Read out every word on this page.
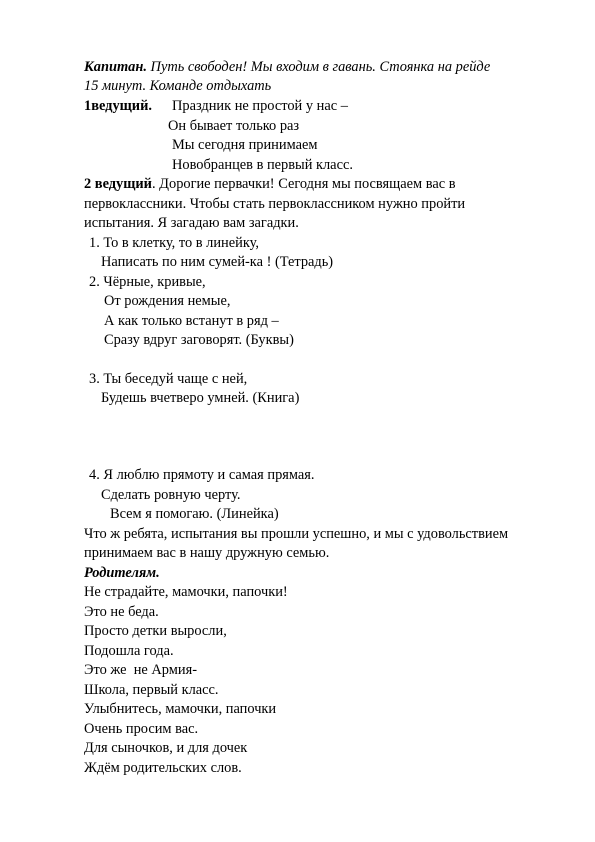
Капитан. Путь свободен! Мы входим в гавань. Стоянка на рейде
15 минут. Команде отдыхать
1ведущий. Праздник не простой у нас –
Он бывает только раз
Мы сегодня принимаем
Новобранцев в первый класс.
2 ведущий. Дорогие первачки! Сегодня мы посвящаем вас в
первоклассники. Чтобы стать первоклассником нужно пройти
испытания. Я загадаю вам загадки.
1. То в клетку, то в линейку,
Написать по ним сумей-ка ! (Тетрадь)
2. Чёрные, кривые,
От рождения немые,
А как только встанут в ряд –
Сразу вдруг заговорят. (Буквы)
3. Ты беседуй чаще с ней,
Будешь вчетверо умней. (Книга)
4. Я люблю прямоту и самая прямая.
Сделать ровную черту.
Всем я помогаю. (Линейка)
Что ж ребята, испытания вы прошли успешно, и мы с удовольствием
принимаем вас в нашу дружную семью.
Родителям.
Не страдайте, мамочки, папочки!
Это не беда.
Просто детки выросли,
Подошла года.
Это же  не Армия-
Школа, первый класс.
Улыбнитесь, мамочки, папочки
Очень просим вас.
Для сыночков, и для дочек
Ждём родительских слов.
